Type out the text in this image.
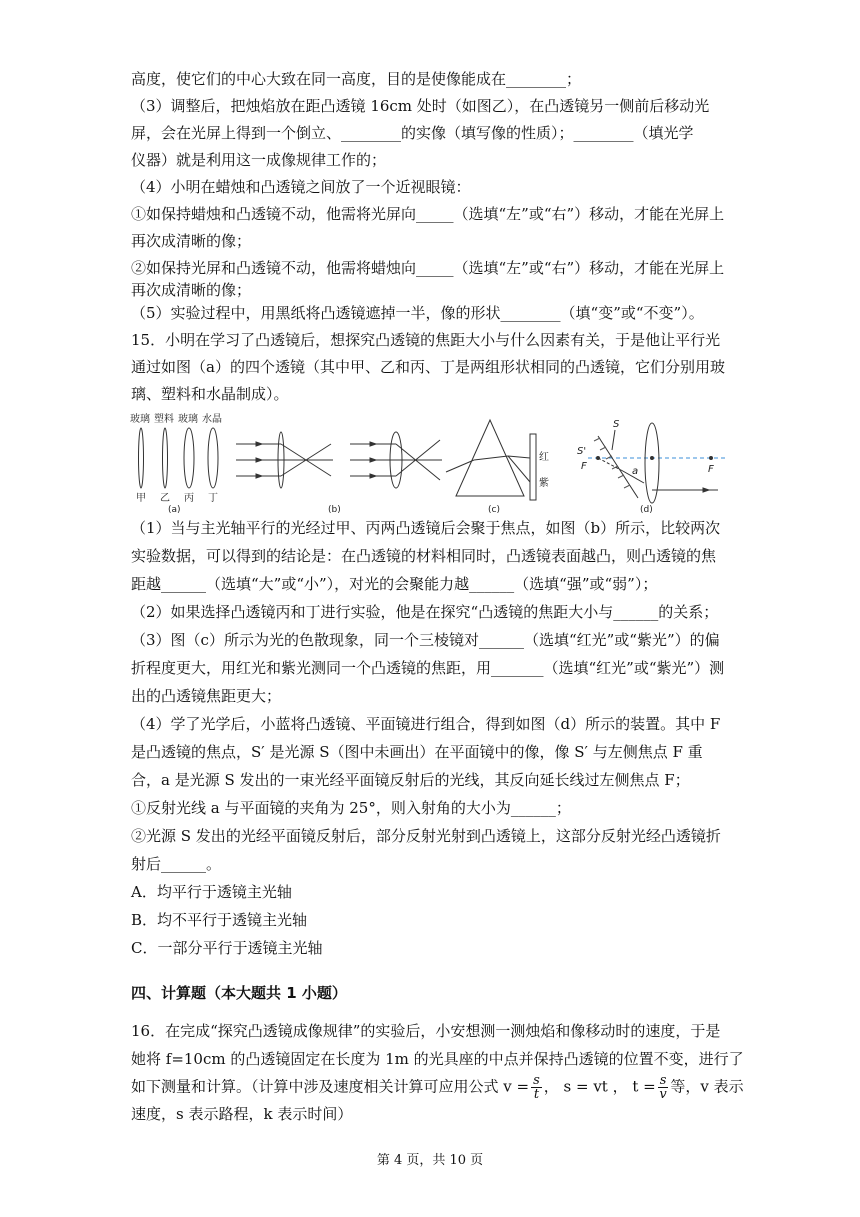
高度，使它们的中心大致在同一高度，目的是使像能成在________；
（3）调整后，把烛焰放在距凸透镜 16cm 处时（如图乙），在凸透镜另一侧前后移动光
屏，会在光屏上得到一个倒立、________的实像（填写像的性质）；________（填光学
仪器）就是利用这一成像规律工作的；
（4）小明在蜡烛和凸透镜之间放了一个近视眼镜：
①如保持蜡烛和凸透镜不动，他需将光屏向_____（选填“左”或“右”）移动，才能在光屏上
再次成清晰的像；
②如保持光屏和凸透镜不动，他需将蜡烛向_____（选填“左”或“右”）移动，才能在光屏上
再次成清晰的像；
（5）实验过程中，用黑纸将凸透镜遮掉一半，像的形状________（填“变”或“不变”）。
15．小明在学习了凸透镜后，想探究凸透镜的焦距大小与什么因素有关，于是他让平行光
通过如图（a）的四个透镜（其中甲、乙和丙、丁是两组形状相同的凸透镜，它们分别用玻
玻璃 塑料 玻璃 水晶
甲 乙 丙 丁
(a)	(b)
红
紫
(c)
S
S'
F	F
a
(d)
（1）当与主光轴平行的光经过甲、丙两凸透镜后会聚于焦点，如图（b）所示，比较两次
实验数据，可以得到的结论是：在凸透镜的材料相同时，凸透镜表面越凸，则凸透镜的焦
距越______（选填“大”或“小”），对光的会聚能力越______（选填“强”或“弱”）；
（2）如果选择凸透镜丙和丁进行实验，他是在探究“凸透镜的焦距大小与______的关系；
（3）图（c）所示为光的色散现象，同一个三棱镜对______（选填“红光”或“紫光”）的偏
折程度更大，用红光和紫光测同一个凸透镜的焦距，用_______（选填“红光”或“紫光”）测
出的凸透镜焦距更大；
（4）学了光学后，小蓝将凸透镜、平面镜进行组合，得到如图（d）所示的装置。其中 F
是凸透镜的焦点，S′ 是光源 S（图中未画出）在平面镜中的像，像 S′ 与左侧焦点 F 重
合，a 是光源 S 发出的一束光经平面镜反射后的光线，其反向延长线过左侧焦点 F；
①反射光线 a 与平面镜的夹角为 25°，则入射角的大小为______；
②光源 S 发出的光经平面镜反射后，部分反射光射到凸透镜上，这部分反射光经凸透镜折
射后______。
A．均平行于透镜主光轴
B．均不平行于透镜主光轴
C．一部分平行于透镜主光轴
四、计算题（本大题共 1 小题）
16．在完成“探究凸透镜成像规律”的实验后，小安想测一测烛焰和像移动时的速度，于是
她将 f=10cm 的凸透镜固定在长度为 1m 的光具座的中点并保持凸透镜的位置不变，进行了
如下测量和计算。（计算中涉及速度相关计算可应用公式 $v = \frac{s}{t}$ ， s = vt ， $t = \frac{s}{v}$ 等，v 表示
速度，s 表示路程，k 表示时间）
第 4 页，共 10 页
璃、塑料和水晶制成）。
